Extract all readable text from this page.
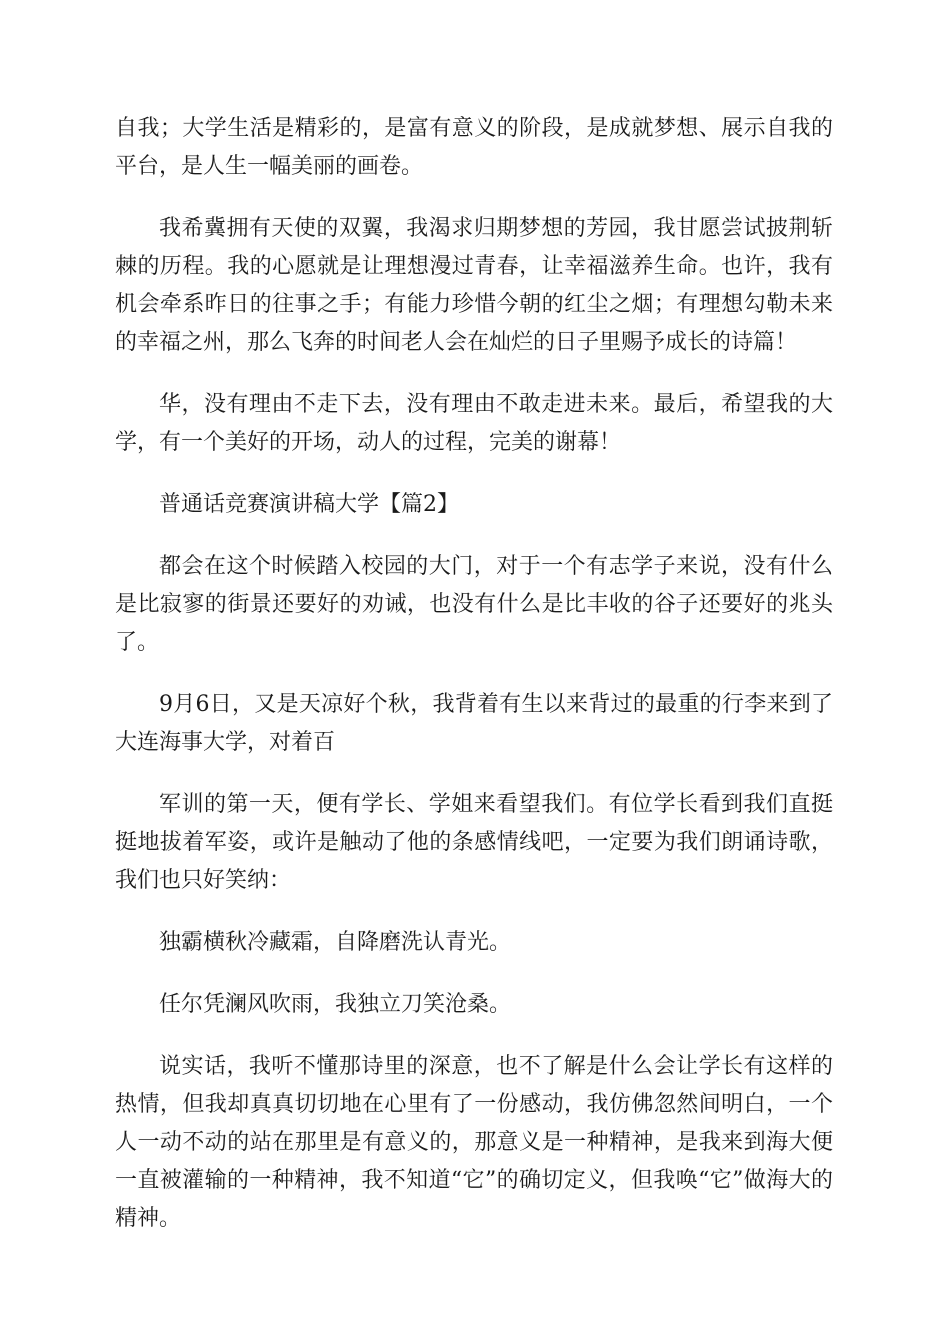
自我；大学生活是精彩的，是富有意义的阶段，是成就梦想、展示自我的平台，是人生一幅美丽的画卷。

我希冀拥有天使的双翼，我渴求归期梦想的芳园，我甘愿尝试披荆斩棘的历程。我的心愿就是让理想漫过青春，让幸福滋养生命。也许，我有机会牵系昨日的往事之手；有能力珍惜今朝的红尘之烟；有理想勾勒未来的幸福之州，那么飞奔的时间老人会在灿烂的日子里赐予成长的诗篇！

华，没有理由不走下去，没有理由不敢走进未来。最后，希望我的大学，有一个美好的开场，动人的过程，完美的谢幕！

普通话竞赛演讲稿大学【篇2】

都会在这个时候踏入校园的大门，对于一个有志学子来说，没有什么是比寂寥的街景还要好的劝诫，也没有什么是比丰收的谷子还要好的兆头了。

9月6日，又是天凉好个秋，我背着有生以来背过的最重的行李来到了大连海事大学，对着百

军训的第一天，便有学长、学姐来看望我们。有位学长看到我们直挺挺地拔着军姿，或许是触动了他的条感情线吧，一定要为我们朗诵诗歌，我们也只好笑纳：

独霸横秋冷藏霜，自降磨洗认青光。

任尔凭澜风吹雨，我独立刀笑沧桑。

说实话，我听不懂那诗里的深意，也不了解是什么会让学长有这样的热情，但我却真真切切地在心里有了一份感动，我仿佛忽然间明白，一个人一动不动的站在那里是有意义的，那意义是一种精神，是我来到海大便一直被灌输的一种精神，我不知道“它”的确切定义，但我唤“它”做海大的精神。
